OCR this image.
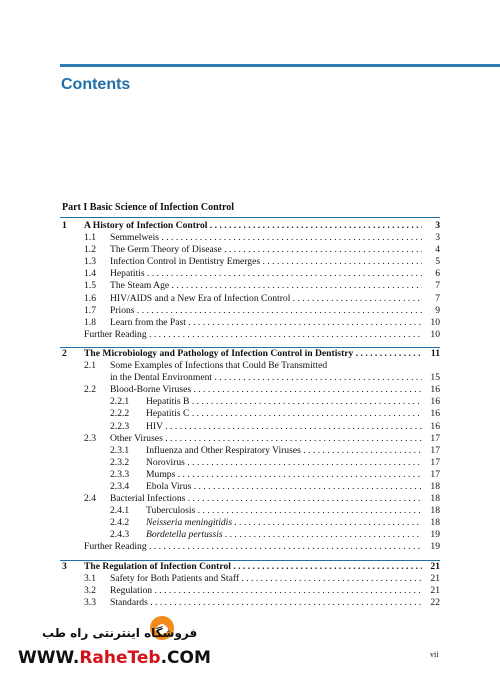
Contents
Part I Basic Science of Infection Control
1 A History of Infection Control . . .	3
1.1 Semmelweis . . .	3
1.2 The Germ Theory of Disease . . .	4
1.3 Infection Control in Dentistry Emerges . . .	5
1.4 Hepatitis . . .	6
1.5 The Steam Age . . .	7
1.6 HIV/AIDS and a New Era of Infection Control . . .	7
1.7 Prions . . .	9
1.8 Learn from the Past . . .	10
Further Reading . . .	10
2 The Microbiology and Pathology of Infection Control in Dentistry . . .	11
2.1 Some Examples of Infections that Could Be Transmitted
in the Dental Environment . . .	15
2.2 Blood-Borne Viruses . . .	16
2.2.1 Hepatitis B . . .	16
2.2.2 Hepatitis C . . .	16
2.2.3 HIV . . .	16
2.3 Other Viruses . . .	17
2.3.1 Influenza and Other Respiratory Viruses . . .	17
2.3.2 Norovirus . . .	17
2.3.3 Mumps . . .	17
2.3.4 Ebola Virus . . .	18
2.4 Bacterial Infections . . .	18
2.4.1 Tuberculosis . . .	18
2.4.2 Neisseria meningitidis . . .	18
2.4.3 Bordetella pertussis . . .	19
Further Reading . . .	19
3 The Regulation of Infection Control . . .	21
3.1 Safety for Both Patients and Staff . . .	21
3.2 Regulation . . .	21
3.3 Standards . . .	22
vii
فروشگاه اینترنتی راه طب
WWW.RaheTeb.COM
